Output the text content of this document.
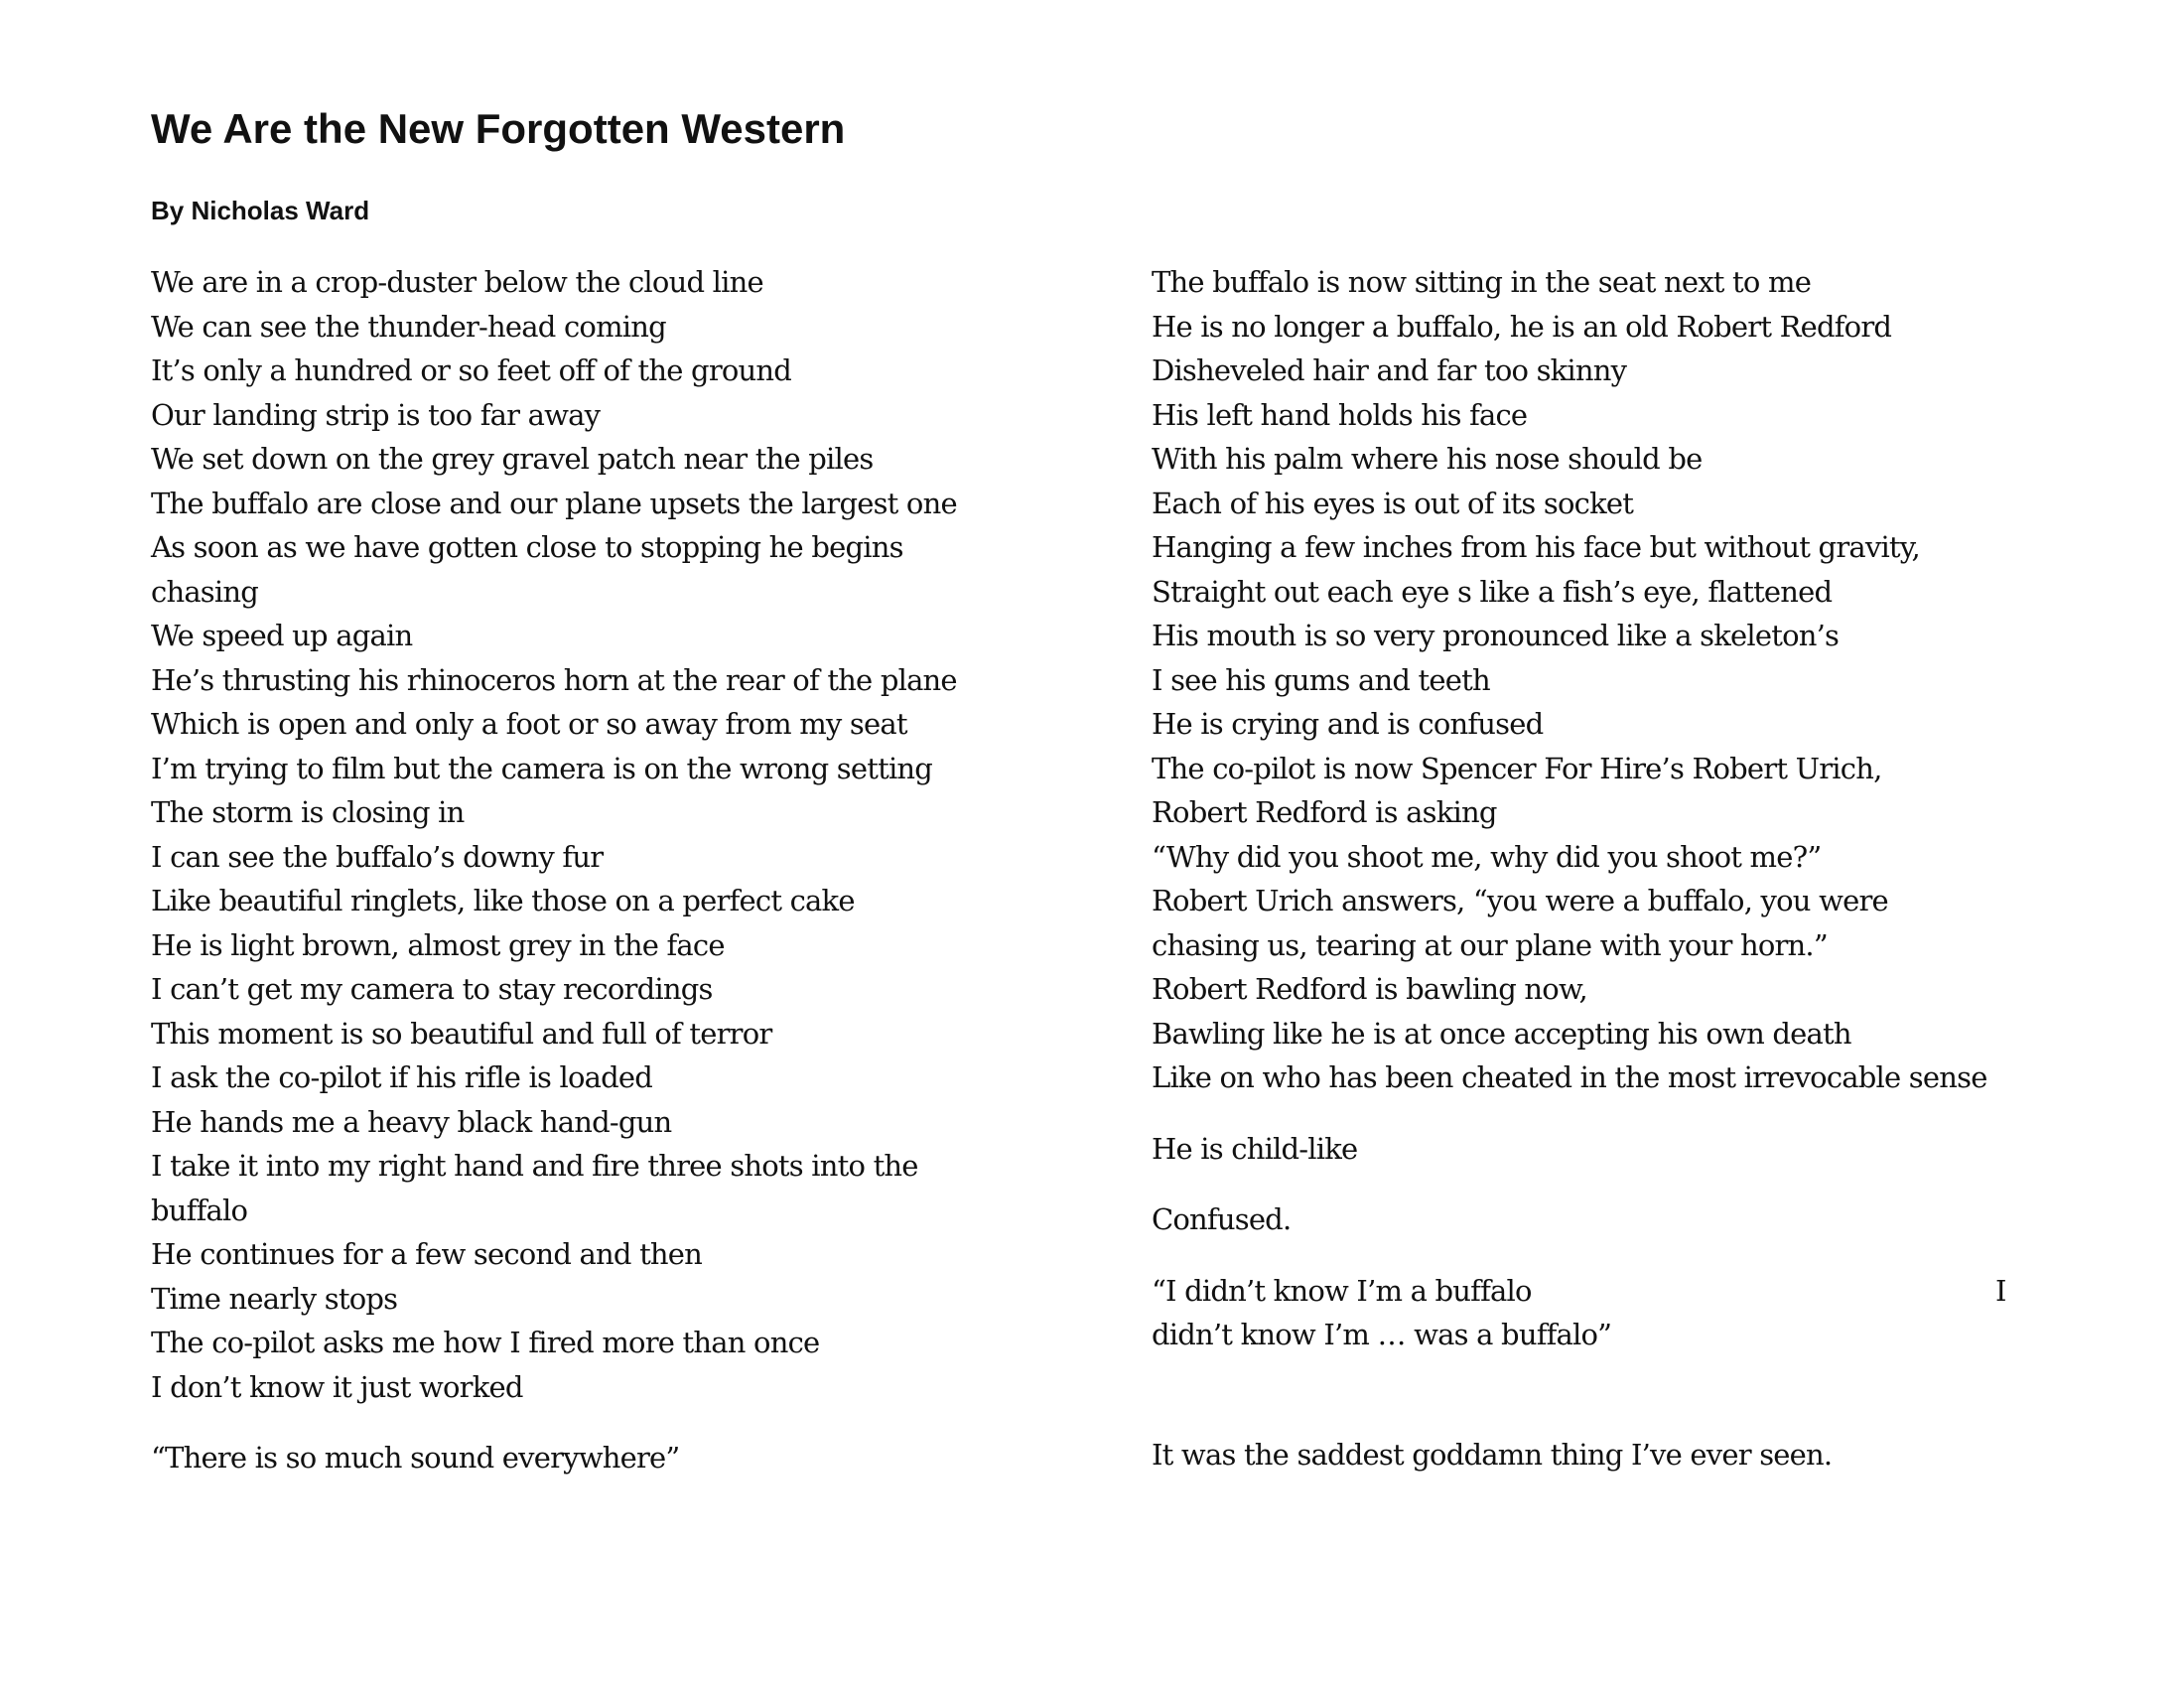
We Are the New Forgotten Western
By Nicholas Ward
We are in a crop-duster below the cloud line
We can see the thunder-head coming
It’s only a hundred or so feet off of the ground
Our landing strip is too far away
We set down on the grey gravel patch near the piles
The buffalo are close and our plane upsets the largest one
As soon as we have gotten close to stopping he begins
chasing
We speed up again
He’s thrusting his rhinoceros horn at the rear of the plane
Which is open and only a foot or so away from my seat
I’m trying to film but the camera is on the wrong setting
The storm is closing in
I can see the buffalo’s downy fur
Like beautiful ringlets, like those on a perfect cake
He is light brown, almost grey in the face
I can’t get my camera to stay recordings
This moment is so beautiful and full of terror
I ask the co-pilot if his rifle is loaded
He hands me a heavy black hand-gun
I take it into my right hand and fire three shots into the
buffalo
He continues for a few second and then
Time nearly stops
The co-pilot asks me how I fired more than once
I don’t know it just worked
“There is so much sound everywhere”
The buffalo is now sitting in the seat next to me
He is no longer a buffalo, he is an old Robert Redford
Disheveled hair and far too skinny
His left hand holds his face
With his palm where his nose should be
Each of his eyes is out of its socket
Hanging a few inches from his face but without gravity,
Straight out each eye s like a fish’s eye, flattened
His mouth is so very pronounced like a skeleton’s
I see his gums and teeth
He is crying and is confused
The co-pilot is now Spencer For Hire’s Robert Urich,
Robert Redford is asking
“Why did you shoot me, why did you shoot me?”
Robert Urich answers, “you were a buffalo, you were
chasing us, tearing at our plane with your horn.”
Robert Redford is bawling now,
Bawling like he is at once accepting his own death
Like on who has been cheated in the most irrevocable sense
He is child-like
Confused.
“I didn’t know I’m a buffalo	I
didn’t know I’m … was a buffalo”
It was the saddest goddamn thing I’ve ever seen.
